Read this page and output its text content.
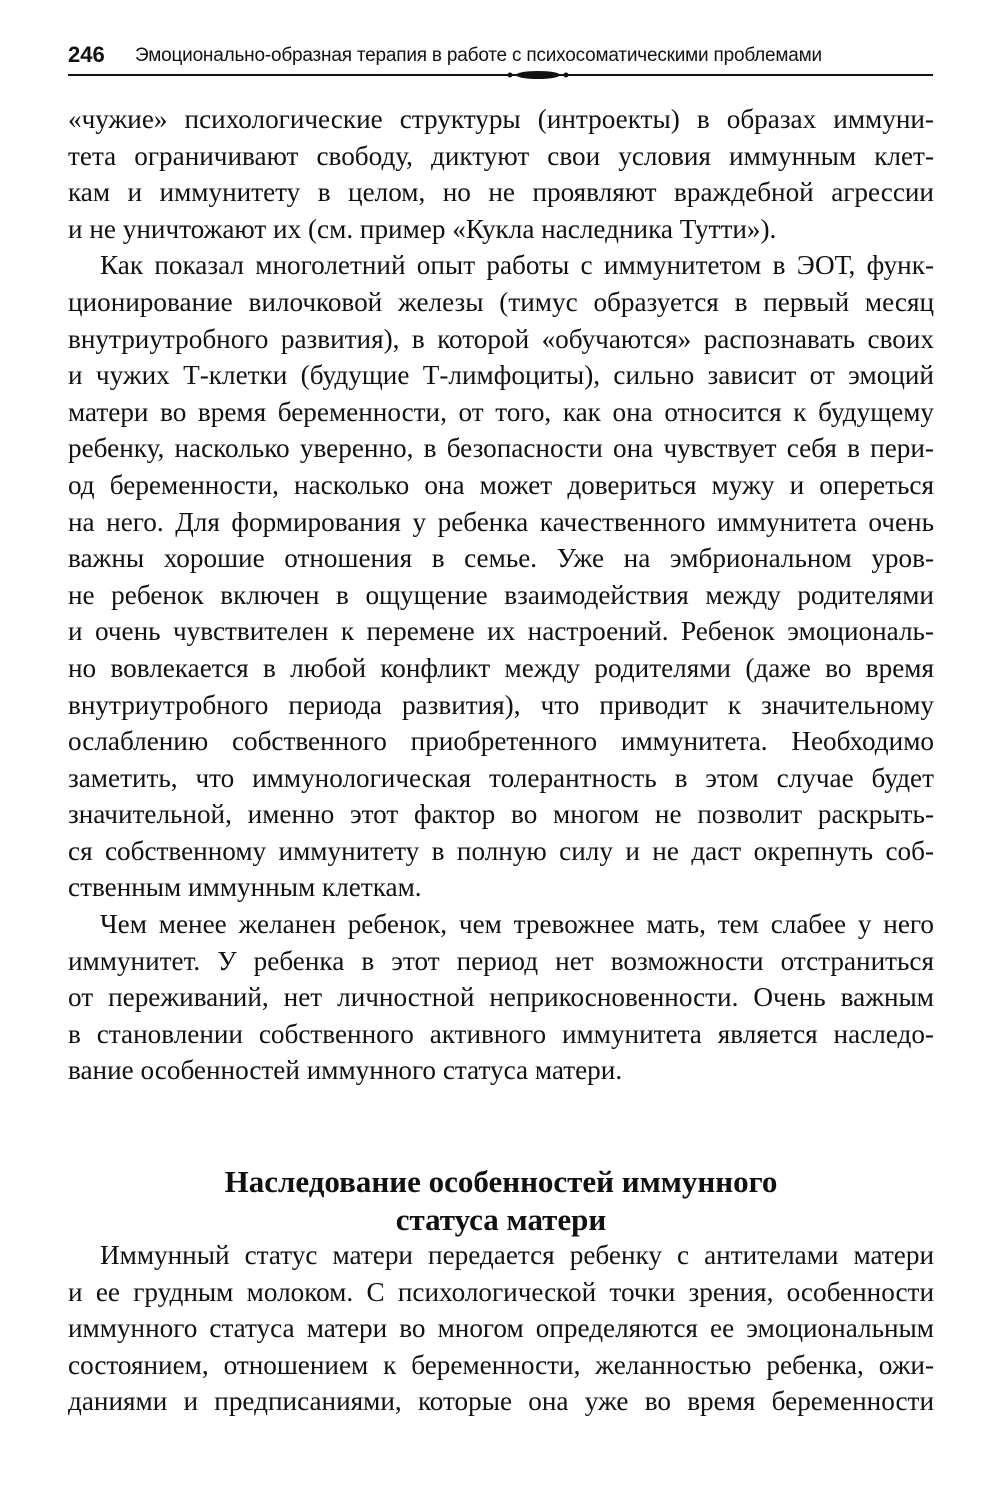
246 Эмоционально-образная терапия в работе с психосоматическими проблемами

«чужие» психологические структуры (интроекты) в образах иммуни-
тета ограничивают свободу, диктуют свои условия иммунным клет-
кам и иммунитету в целом, но не проявляют враждебной агрессии
и не уничтожают их (см. пример «Кукла наследника Тутти»).

Как показал многолетний опыт работы с иммунитетом в ЭОТ, функ-
ционирование вилочковой железы (тимус образуется в первый месяц
внутриутробного развития), в которой «обучаются» распознавать своих
и чужих Т-клетки (будущие Т-лимфоциты), сильно зависит от эмоций
матери во время беременности, от того, как она относится к будущему
ребенку, насколько уверенно, в безопасности она чувствует себя в пери-
од беременности, насколько она может довериться мужу и опереться
на него. Для формирования у ребенка качественного иммунитета очень
важны хорошие отношения в семье. Уже на эмбриональном уров-
не ребенок включен в ощущение взаимодействия между родителями
и очень чувствителен к перемене их настроений. Ребенок эмоциональ-
но вовлекается в любой конфликт между родителями (даже во время
внутриутробного периода развития), что приводит к значительному
ослаблению собственного приобретенного иммунитета. Необходимо
заметить, что иммунологическая толерантность в этом случае будет
значительной, именно этот фактор во многом не позволит раскрыть-
ся собственному иммунитету в полную силу и не даст окрепнуть соб-
ственным иммунным клеткам.

Чем менее желанен ребенок, чем тревожнее мать, тем слабее у него
иммунитет. У ребенка в этот период нет возможности отстраниться
от переживаний, нет личностной неприкосновенности. Очень важным
в становлении собственного активного иммунитета является наследо-
вание особенностей иммунного статуса матери.

Наследование особенностей иммунного
статуса матери
Иммунный статус матери передается ребенку с антителами матери
и ее грудным молоком. С психологической точки зрения, особенности
иммунного статуса матери во многом определяются ее эмоциональным
состоянием, отношением к беременности, желанностью ребенка, ожи-
даниями и предписаниями, которые она уже во время беременности
